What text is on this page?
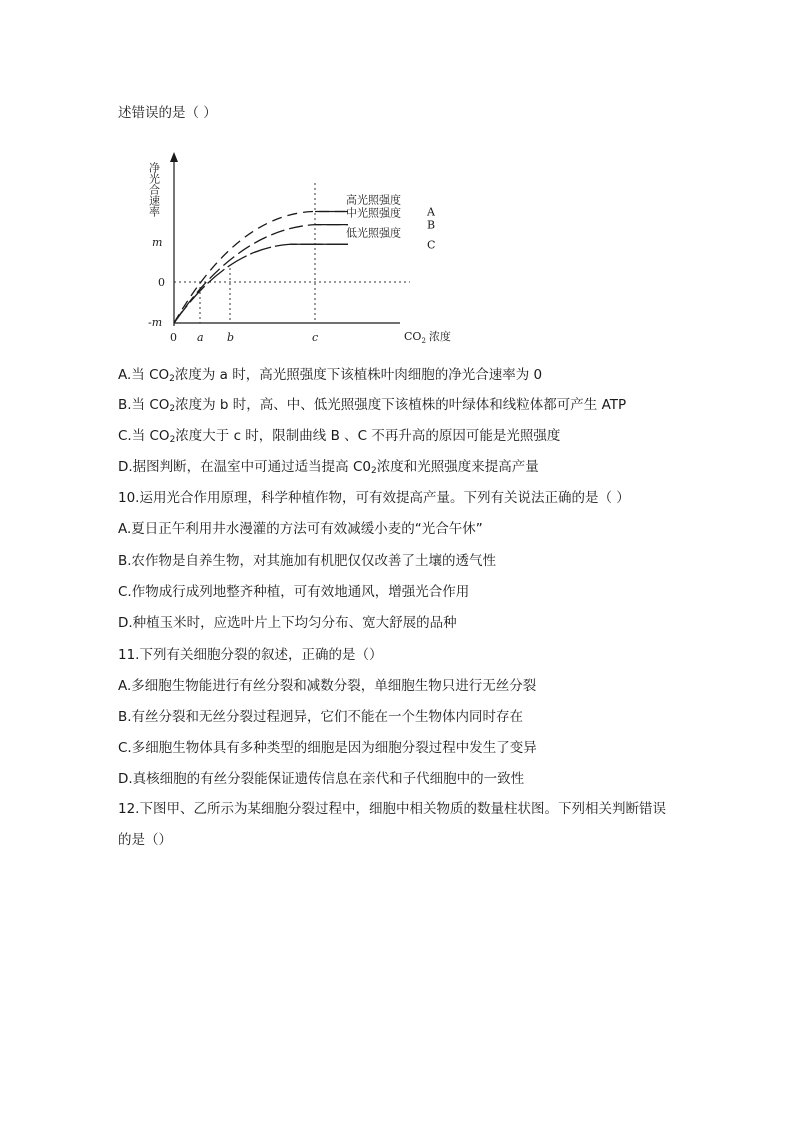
述错误的是（ ）
净光合速率
m
0
-m
0 a b	c	$CO_2$ 浓度
高光照强度
A
中光照强度
B
低光照强度
C
A.当 $CO_2$浓度为 a 时，高光照强度下该植株叶肉细胞的净光合速率为 0
B.当 $CO_2$浓度为 b 时，高、中、低光照强度下该植株的叶绿体和线粒体都可产生 ATP
C.当 $CO_2$浓度大于 c 时，限制曲线 B 、C 不再升高的原因可能是光照强度
D.据图判断，在温室中可通过适当提高 $C0_2$浓度和光照强度来提高产量
10.运用光合作用原理，科学种植作物，可有效提高产量。下列有关说法正确的是（ ）
A.夏日正午利用井水漫灌的方法可有效减缓小麦的“光合午休”
B.农作物是自养生物，对其施加有机肥仅仅改善了土壤的透气性
C.作物成行成列地整齐种植，可有效地通风，增强光合作用
D.种植玉米时，应选叶片上下均匀分布、宽大舒展的品种
11.下列有关细胞分裂的叙述，正确的是（）
A.多细胞生物能进行有丝分裂和减数分裂，单细胞生物只进行无丝分裂
B.有丝分裂和无丝分裂过程迥异，它们不能在一个生物体内同时存在
C.多细胞生物体具有多种类型的细胞是因为细胞分裂过程中发生了变异
D.真核细胞的有丝分裂能保证遗传信息在亲代和子代细胞中的一致性
12.下图甲、乙所示为某细胞分裂过程中，细胞中相关物质的数量柱状图。下列相关判断错误的是（）
